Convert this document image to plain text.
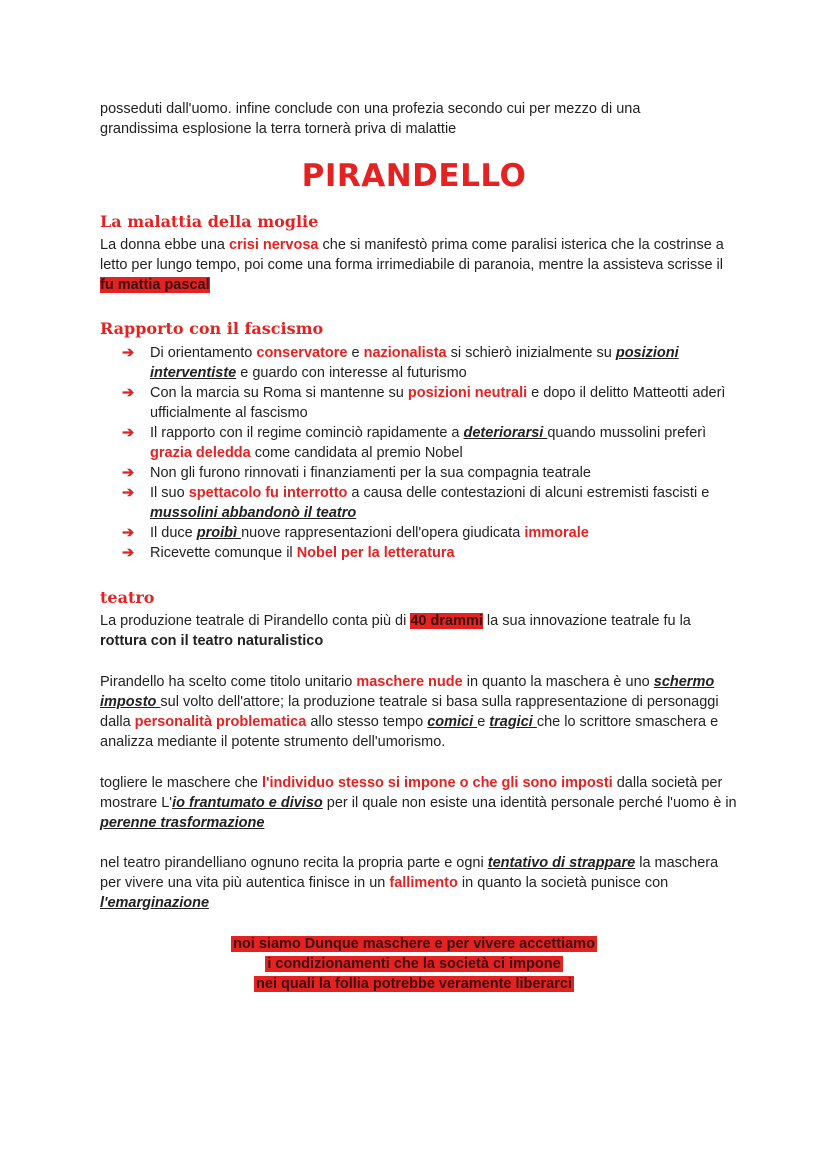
posseduti dall'uomo. infine conclude con una profezia secondo cui per mezzo di una
grandissima esplosione la terra tornerà priva di malattie

PIRANDELLO
La malattia della moglie

La donna ebbe una crisi nervosa che si manifestò prima come paralisi isterica che la costrinse a letto per lungo tempo, poi come una forma irrimediabile di paranoia, mentre la assisteva scrisse il fu mattia pascal

Rapporto con il fascismo
➔ Di orientamento conservatore e nazionalista si schierò inizialmente su posizioni interventiste e guardo con interesse al futurismo
➔ Con la marcia su Roma si mantenne su posizioni neutrali e dopo il delitto Matteotti aderì ufficialmente al fascismo
➔ Il rapporto con il regime cominciò rapidamente a deteriorarsi quando mussolini preferì grazia deledda come candidata al premio Nobel
➔ Non gli furono rinnovati i finanziamenti per la sua compagnia teatrale
➔ Il suo spettacolo fu interrotto a causa delle contestazioni di alcuni estremisti fascisti e mussolini abbandonò il teatro
➔ Il duce proibì nuove rappresentazioni dell'opera giudicata immorale
➔ Ricevette comunque il Nobel per la letteratura
teatro

La produzione teatrale di Pirandello conta più di 40 drammi la sua innovazione teatrale fu la rottura con il teatro naturalistico

Pirandello ha scelto come titolo unitario maschere nude in quanto la maschera è uno schermo imposto sul volto dell'attore; la produzione teatrale si basa sulla rappresentazione di personaggi dalla personalità problematica allo stesso tempo comici e tragici che lo scrittore smaschera e analizza mediante il potente strumento dell'umorismo.

togliere le maschere che l'individuo stesso si impone o che gli sono imposti dalla società per mostrare L'io frantumato e diviso per il quale non esiste una identità personale perché l'uomo è in perenne trasformazione

nel teatro pirandelliano ognuno recita la propria parte e ogni tentativo di strappare la maschera per vivere una vita più autentica finisce in un fallimento in quanto la società punisce con l'emarginazione

noi siamo Dunque maschere e per vivere accettiamo
i condizionamenti che la società ci impone
nei quali la follia potrebbe veramente liberarci
